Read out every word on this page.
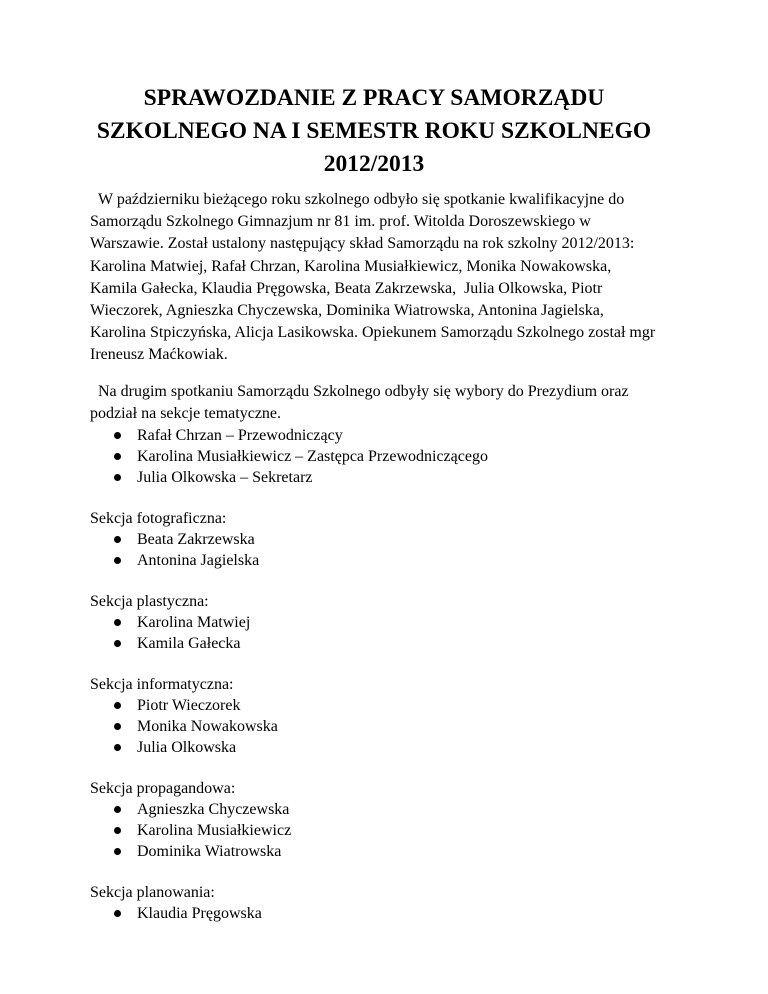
SPRAWOZDANIE Z PRACY SAMORZĄDU
SZKOLNEGO NA I SEMESTR ROKU SZKOLNEGO
2012/2013

W październiku bieżącego roku szkolnego odbyło się spotkanie kwalifikacyjne do Samorządu Szkolnego Gimnazjum nr 81 im. prof. Witolda Doroszewskiego w Warszawie. Został ustalony następujący skład Samorządu na rok szkolny 2012/2013: Karolina Matwiej, Rafał Chrzan, Karolina Musiałkiewicz, Monika Nowakowska, Kamila Gałecka, Klaudia Pręgowska, Beata Zakrzewska,  Julia Olkowska, Piotr Wieczorek, Agnieszka Chyczewska, Dominika Wiatrowska, Antonina Jagielska, Karolina Stpiczyńska, Alicja Lasikowska. Opiekunem Samorządu Szkolnego został mgr Ireneusz Maćkowiak.

Na drugim spotkaniu Samorządu Szkolnego odbyły się wybory do Prezydium oraz podział na sekcje tematyczne.

Rafał Chrzan – Przewodniczący
Karolina Musiałkiewicz – Zastępca Przewodniczącego
Julia Olkowska – Sekretarz

Sekcja fotograficzna:

Beata Zakrzewska
Antonina Jagielska

Sekcja plastyczna:

Karolina Matwiej
Kamila Gałecka

Sekcja informatyczna:

Piotr Wieczorek
Monika Nowakowska
Julia Olkowska

Sekcja propagandowa:

Agnieszka Chyczewska
Karolina Musiałkiewicz
Dominika Wiatrowska

Sekcja planowania:

Klaudia Pręgowska
